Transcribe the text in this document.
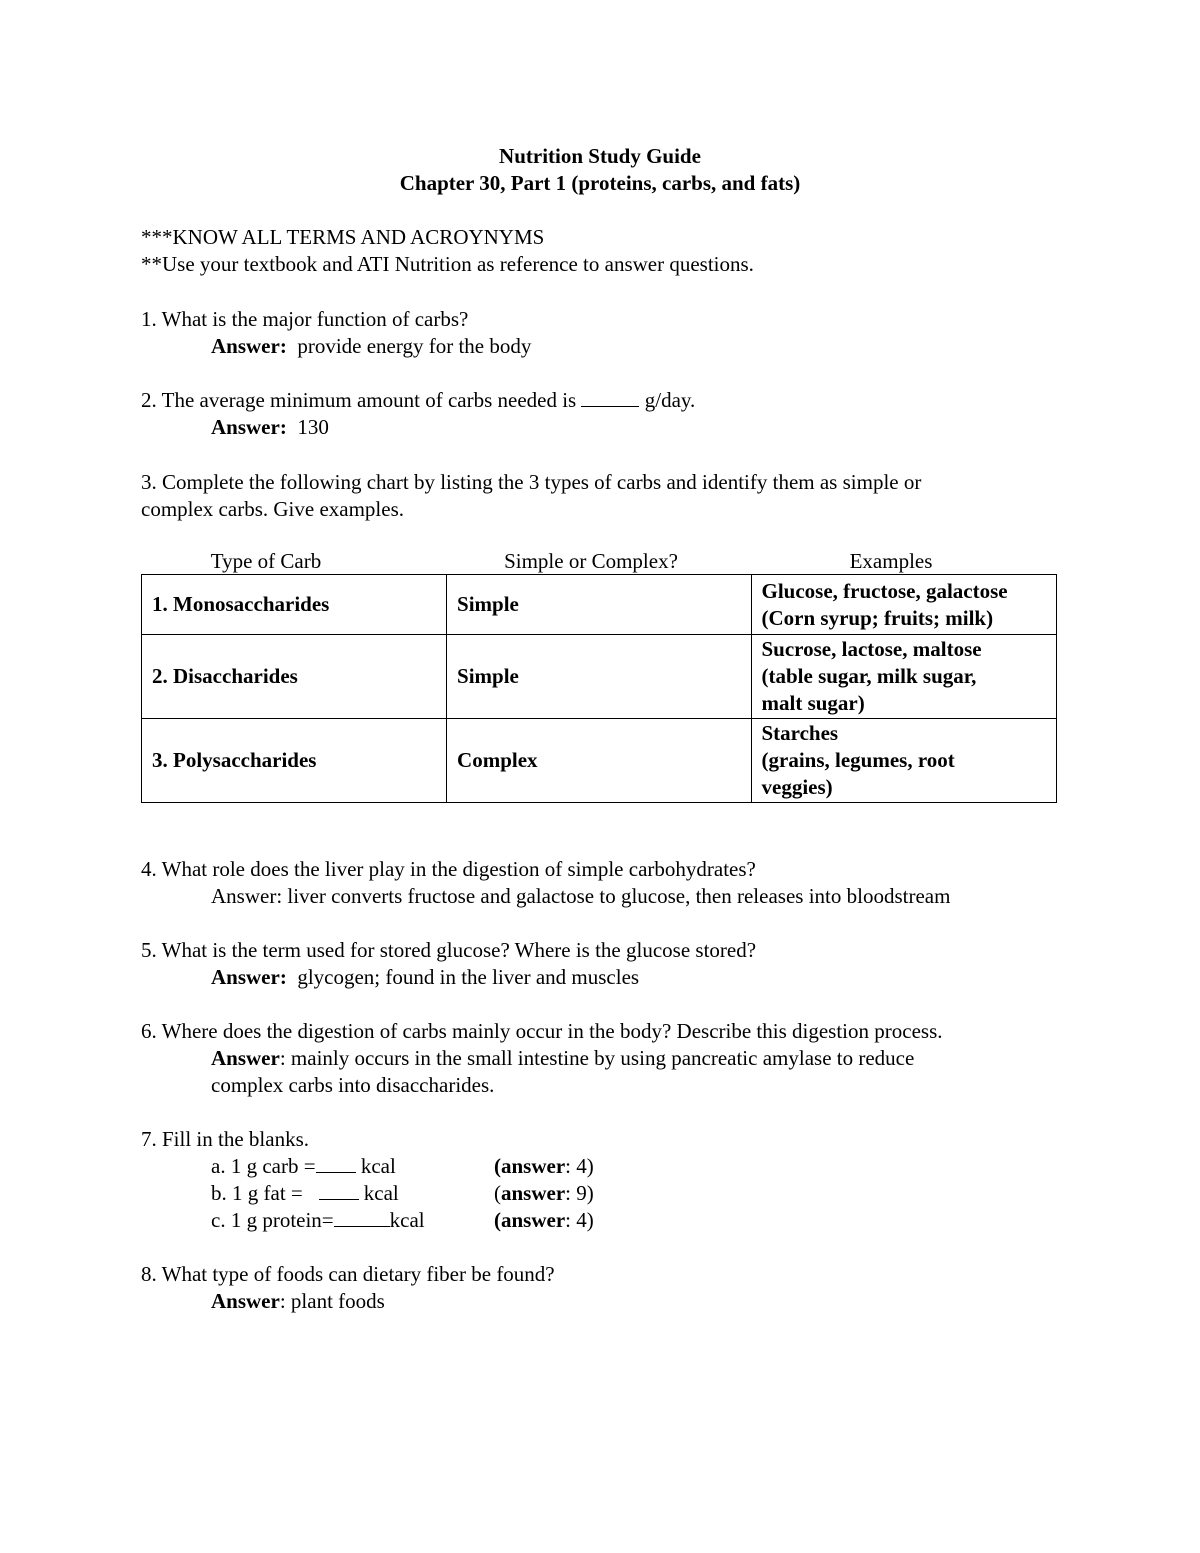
Nutrition Study Guide
Chapter 30, Part 1 (proteins, carbs, and fats)
***KNOW ALL TERMS AND ACROYNYMS
**Use your textbook and ATI Nutrition as reference to answer questions.
1. What is the major function of carbs?
Answer: provide energy for the body
2. The average minimum amount of carbs needed is	g/day.
Answer: 130
3. Complete the following chart by listing the 3 types of carbs and identify them as simple or
complex carbs. Give examples.
Type of Carb	Simple or Complex?	Examples
1. Monosaccharides	Simple	Glucose, fructose, galactose
(Corn syrup; fruits; milk)

2. Disaccharides	Simple	Sucrose, lactose, maltose
(table sugar, milk sugar,
malt sugar)

3. Polysaccharides	Complex	Starches
(grains, legumes, root
veggies)
4. What role does the liver play in the digestion of simple carbohydrates?
Answer: liver converts fructose and galactose to glucose, then releases into bloodstream
5. What is the term used for stored glucose? Where is the glucose stored?
Answer: glycogen; found in the liver and muscles
6. Where does the digestion of carbs mainly occur in the body? Describe this digestion process.
Answer: mainly occurs in the small intestine by using pancreatic amylase to reduce
complex carbs into disaccharides.
7. Fill in the blanks.
a. 1 g carb = kcal	(answer: 4)
b. 1 g fat =	kcal	(answer: 9)
c. 1 g protein=	kcal	(answer: 4)
8. What type of foods can dietary fiber be found?
Answer: plant foods
